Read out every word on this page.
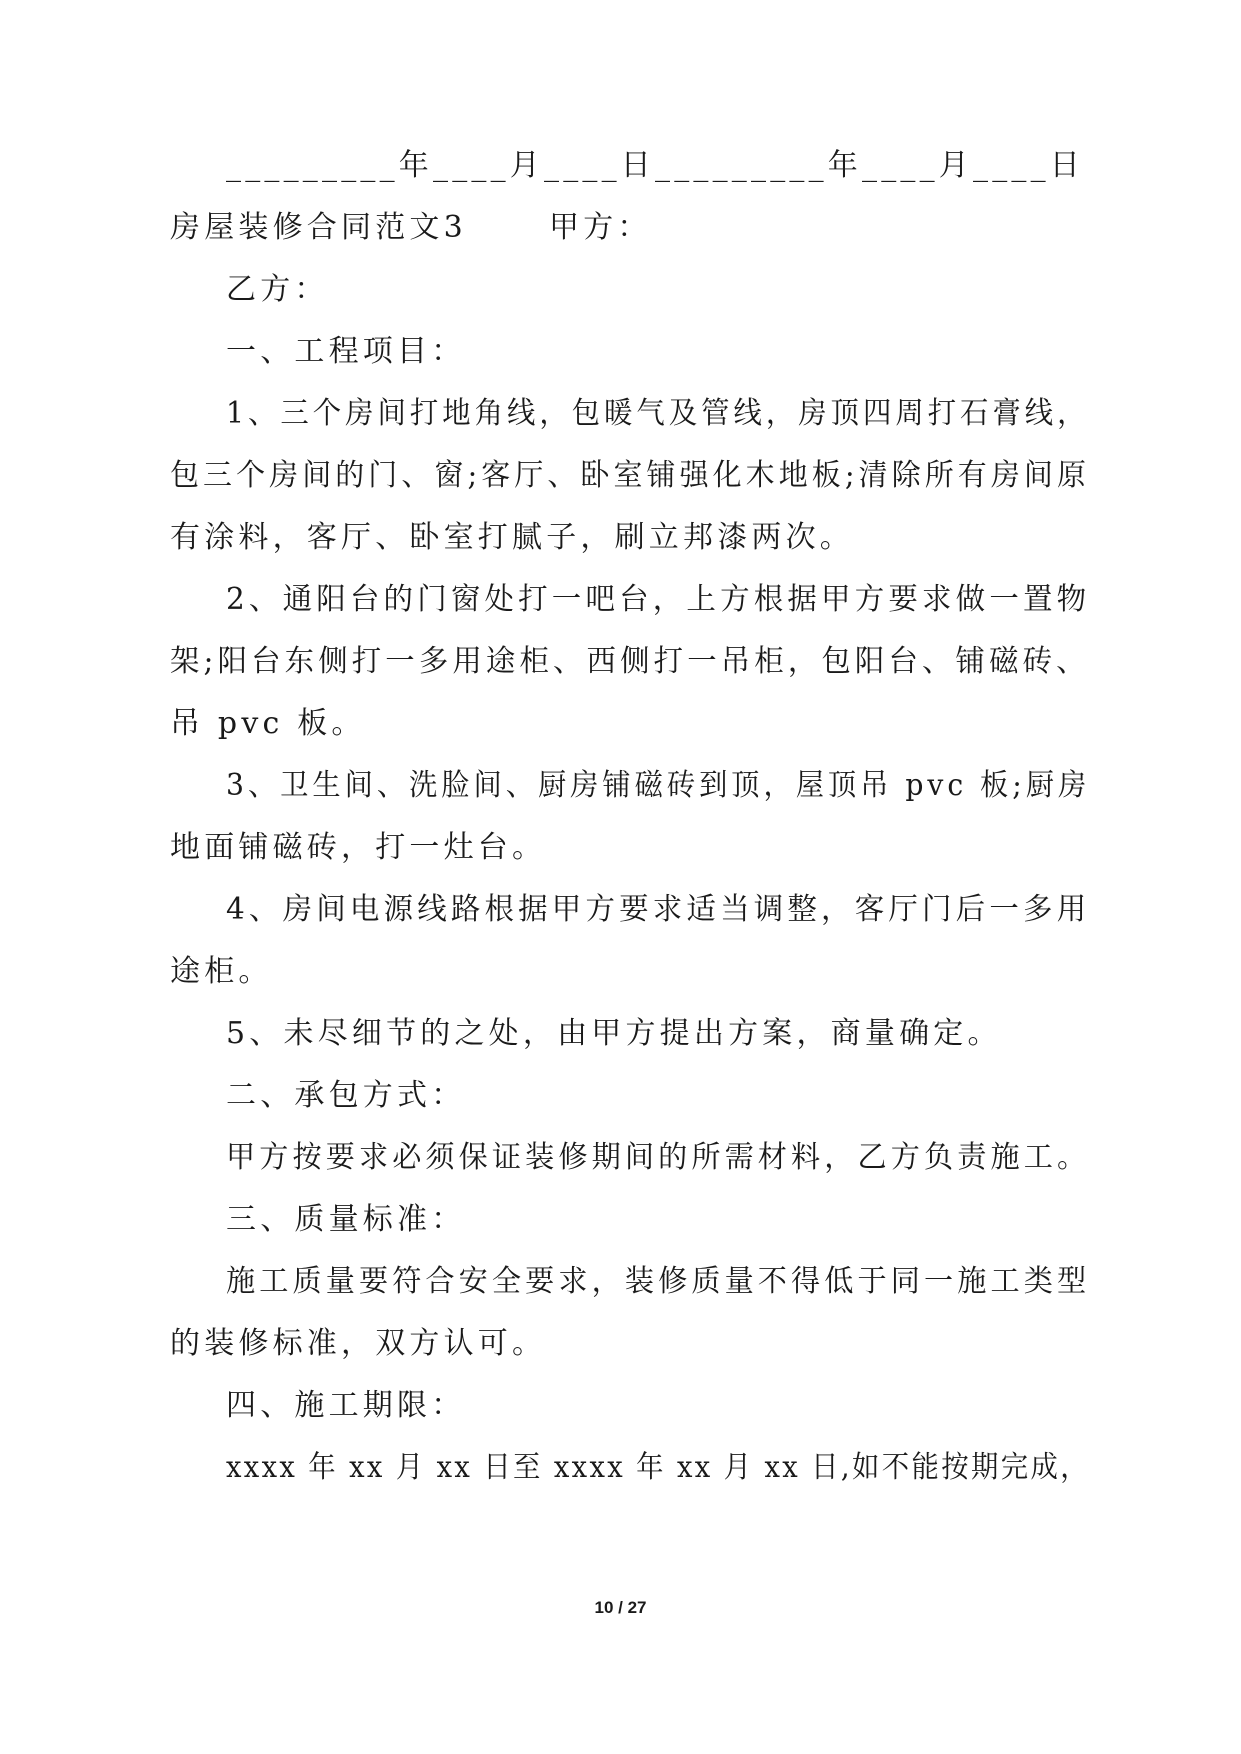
_________年____月____日_________年____月____日
房屋装修合同范文3　　 甲方：
乙方：
一、工程项目：
1、三个房间打地角线，包暖气及管线，房顶四周打石膏线，
包三个房间的门、窗;客厅、卧室铺强化木地板;清除所有房间原
有涂料，客厅、卧室打腻子，刷立邦漆两次。
2、通阳台的门窗处打一吧台，上方根据甲方要求做一置物
架;阳台东侧打一多用途柜、西侧打一吊柜，包阳台、铺磁砖、
吊 pvc 板。
3、卫生间、洗脸间、厨房铺磁砖到顶，屋顶吊 pvc 板;厨房
地面铺磁砖，打一灶台。
4、房间电源线路根据甲方要求适当调整，客厅门后一多用
途柜。
5、未尽细节的之处，由甲方提出方案，商量确定。
二、承包方式：
甲方按要求必须保证装修期间的所需材料，乙方负责施工。
三、质量标准：
施工质量要符合安全要求，装修质量不得低于同一施工类型
的装修标准，双方认可。
四、施工期限：
xxxx 年 xx 月 xx 日至 xxxx 年 xx 月 xx 日,如不能按期完成，
10 / 27
